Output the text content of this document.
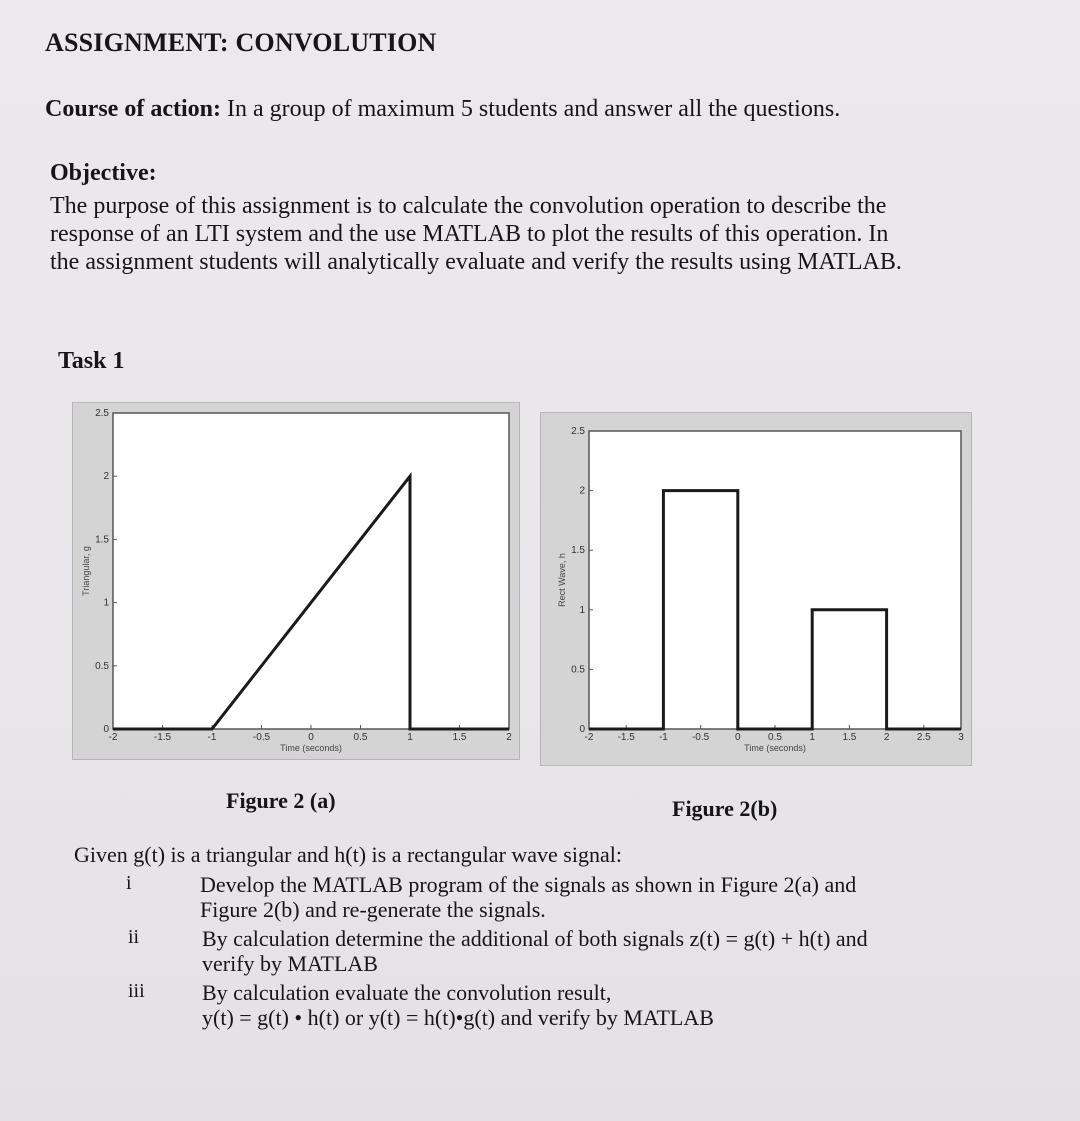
ASSIGNMENT: CONVOLUTION
Course of action: In a group of maximum 5 students and answer all the questions.
Objective:
The purpose of this assignment is to calculate the convolution operation to describe the
response of an LTI system and the use MATLAB to plot the results of this operation. In
the assignment students will analytically evaluate and verify the results using MATLAB.
Task 1
-2	-1.5	-1	-0.5	0	0.5	1	1.5	2
0
0.5
1
1.5
2
2.5
Time (seconds)
Triangular, g
-2 -1.5 -1 -0.5	0	0.5	1	1.5	2	2.5	3
0
0.5
1
1.5
2
2.5
Time (seconds)
Rect Wave, h
Figure 2 (a)	Figure 2(b)
Given g(t) is a triangular and h(t) is a rectangular wave signal:
i	Develop the MATLAB program of the signals as shown in Figure 2(a) and
Figure 2(b) and re-generate the signals.
ii	By calculation determine the additional of both signals z(t) = g(t) + h(t) and
verify by MATLAB
iii	By calculation evaluate the convolution result,
y(t) = g(t) • h(t) or y(t) = h(t)•g(t) and verify by MATLAB
